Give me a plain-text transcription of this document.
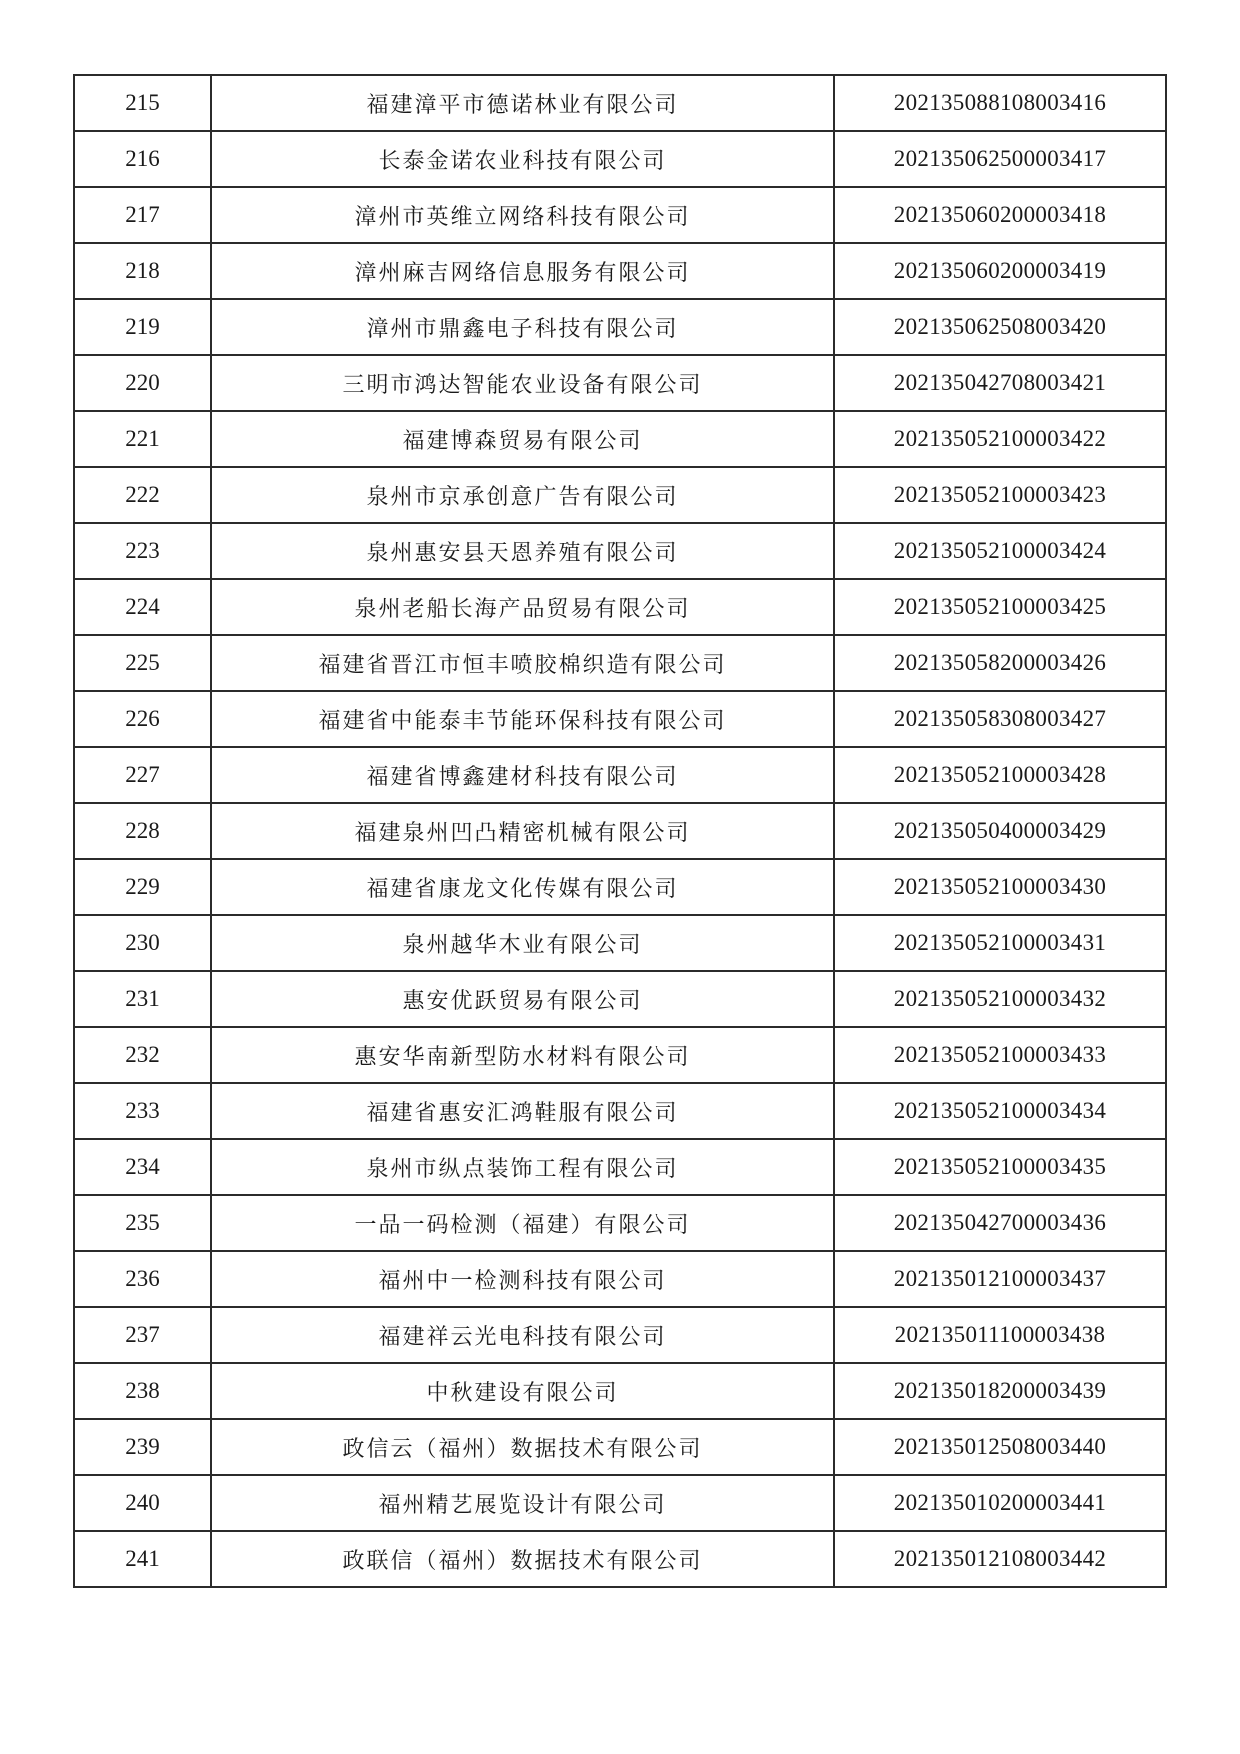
215	福建漳平市德诺林业有限公司	202135088108003416
216	长泰金诺农业科技有限公司	202135062500003417
217	漳州市英维立网络科技有限公司	202135060200003418
218	漳州麻吉网络信息服务有限公司	202135060200003419
219	漳州市鼎鑫电子科技有限公司	202135062508003420
220	三明市鸿达智能农业设备有限公司	202135042708003421
221	福建博森贸易有限公司	202135052100003422
222	泉州市京承创意广告有限公司	202135052100003423
223	泉州惠安县天恩养殖有限公司	202135052100003424
224	泉州老船长海产品贸易有限公司	202135052100003425
225	福建省晋江市恒丰喷胶棉织造有限公司	202135058200003426
226	福建省中能泰丰节能环保科技有限公司	202135058308003427
227	福建省博鑫建材科技有限公司	202135052100003428
228	福建泉州凹凸精密机械有限公司	202135050400003429
229	福建省康龙文化传媒有限公司	202135052100003430
230	泉州越华木业有限公司	202135052100003431
231	惠安优跃贸易有限公司	202135052100003432
232	惠安华南新型防水材料有限公司	202135052100003433
233	福建省惠安汇鸿鞋服有限公司	202135052100003434
234	泉州市纵点装饰工程有限公司	202135052100003435
235	一品一码检测（福建）有限公司	202135042700003436
236	福州中一检测科技有限公司	202135012100003437
237	福建祥云光电科技有限公司	202135011100003438
238	中秋建设有限公司	202135018200003439
239	政信云（福州）数据技术有限公司	202135012508003440
240	福州精艺展览设计有限公司	202135010200003441
241	政联信（福州）数据技术有限公司	202135012108003442
